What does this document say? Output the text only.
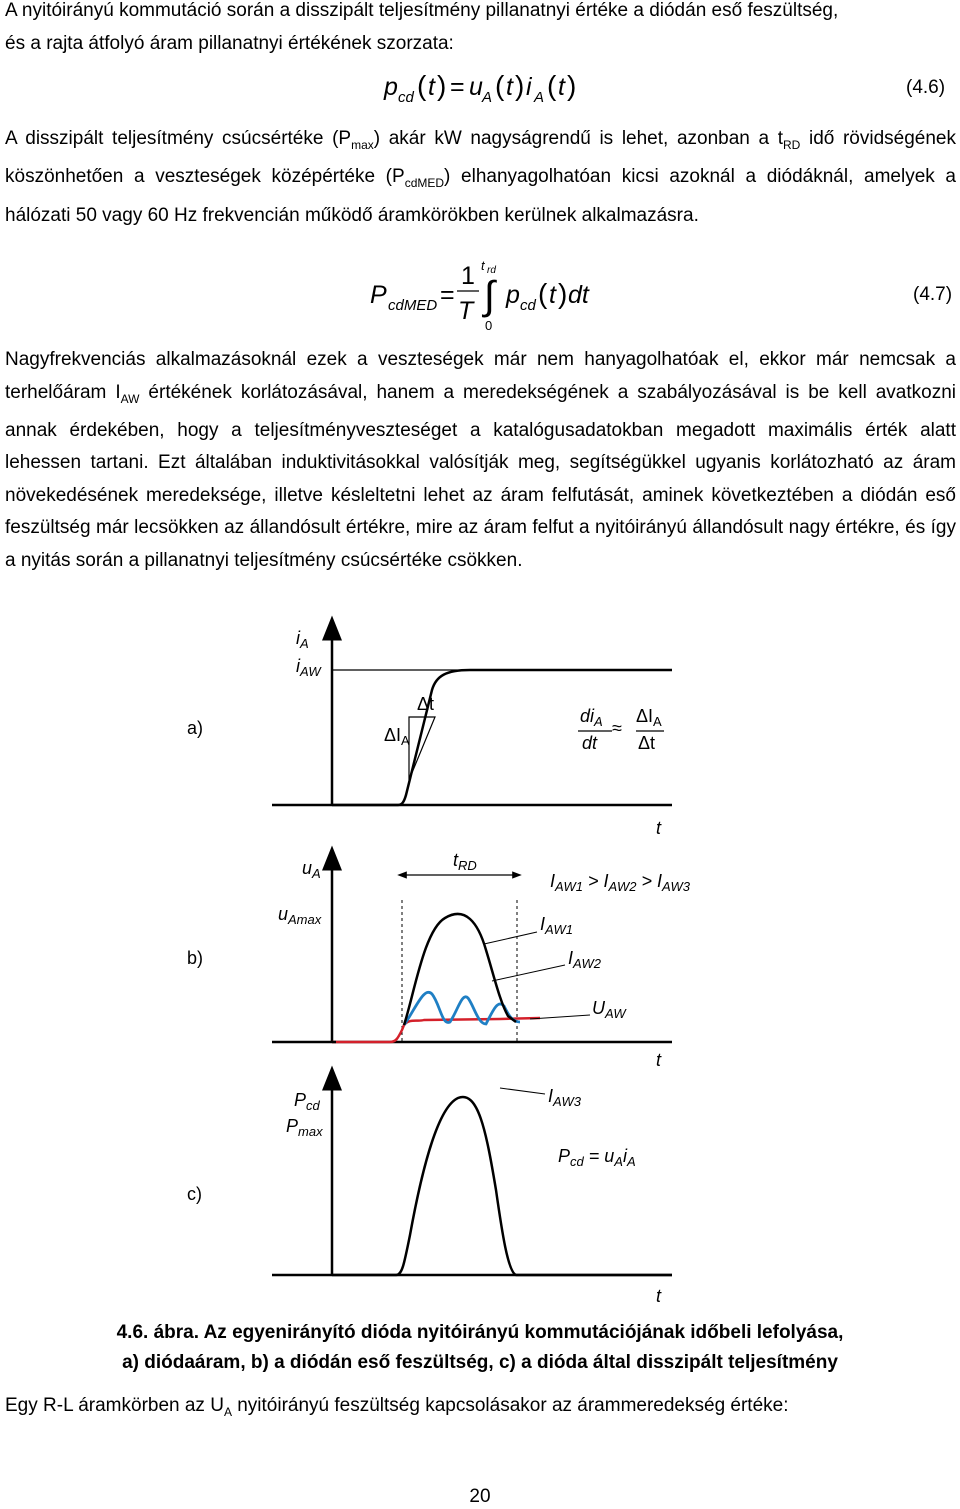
A nyitóirányú kommutáció során a disszipált teljesítmény pillanatnyi értéke a diódán eső feszültség,
és a rajta átfolyó áram pillanatnyi értékének szorzata:
p cd ( t ) = u A ( t ) i A ( t )	(4.6)
A disszipált teljesítmény csúcsértéke $(P_{max})$ akár kW nagyságrendű is lehet, azonban a $t_{RD}$ idő rövidségének köszönhetően a veszteségek középértéke $(P_{cdMED})$ elhanyagolhatóan kicsi azoknál a diódáknál, amelyek a hálózati 50 vagy 60 Hz frekvencián működő áramkörökben kerülnek alkalmazásra.
P cdMED =
1
T ∫
t rd
0
p cd ( t ) dt	(4.7)
Nagyfrekvenciás alkalmazásoknál ezek a veszteségek már nem hanyagolhatóak el, ekkor már nemcsak a terhelőáram $I_{AW}$ értékének korlátozásával, hanem a meredekségének a szabályozásával is be kell avatkozni annak érdekében, hogy a teljesítményveszteséget a katalógusadatokban megadott maximális érték alatt lehessen tartani. Ezt általában induktivitásokkal valósítják meg, segítségükkel ugyanis korlátozható az áram növekedésének meredeksége, illetve késleltetni lehet az áram felfutását, aminek következtében a diódán eső feszültség már lecsökken az állandósult értékre, mire az áram felfut a nyitóirányú állandósult nagy értékre, és így a nyitás során a pillanatnyi teljesítmény csúcsértéke csökken.
a)
$i_A$
$i_{AW}$
Δt
$\Delta I_A$
$di_A$
dt
≈
$\Delta I_A$
Δt
t
b)
$u_A$
$u_{Amax}$
$t_{RD}$
$I_{AW1} > I_{AW2} > I_{AW3}$
$I_{AW1}$
$I_{AW2}$
$U_{AW}$
t
$I_{AW3}$
c)
$P_{cd}$
$P_{max}$
$P_{cd} = u_Ai_A$
t
4.6. ábra. Az egyenirányító dióda nyitóirányú kommutációjának időbeli lefolyása,
a) diódaáram, b) a diódán eső feszültség, c) a dióda által disszipált teljesítmény
Egy R-L áramkörben az $U_A$ nyitóirányú feszültség kapcsolásakor az árammeredekség értéke:
20
